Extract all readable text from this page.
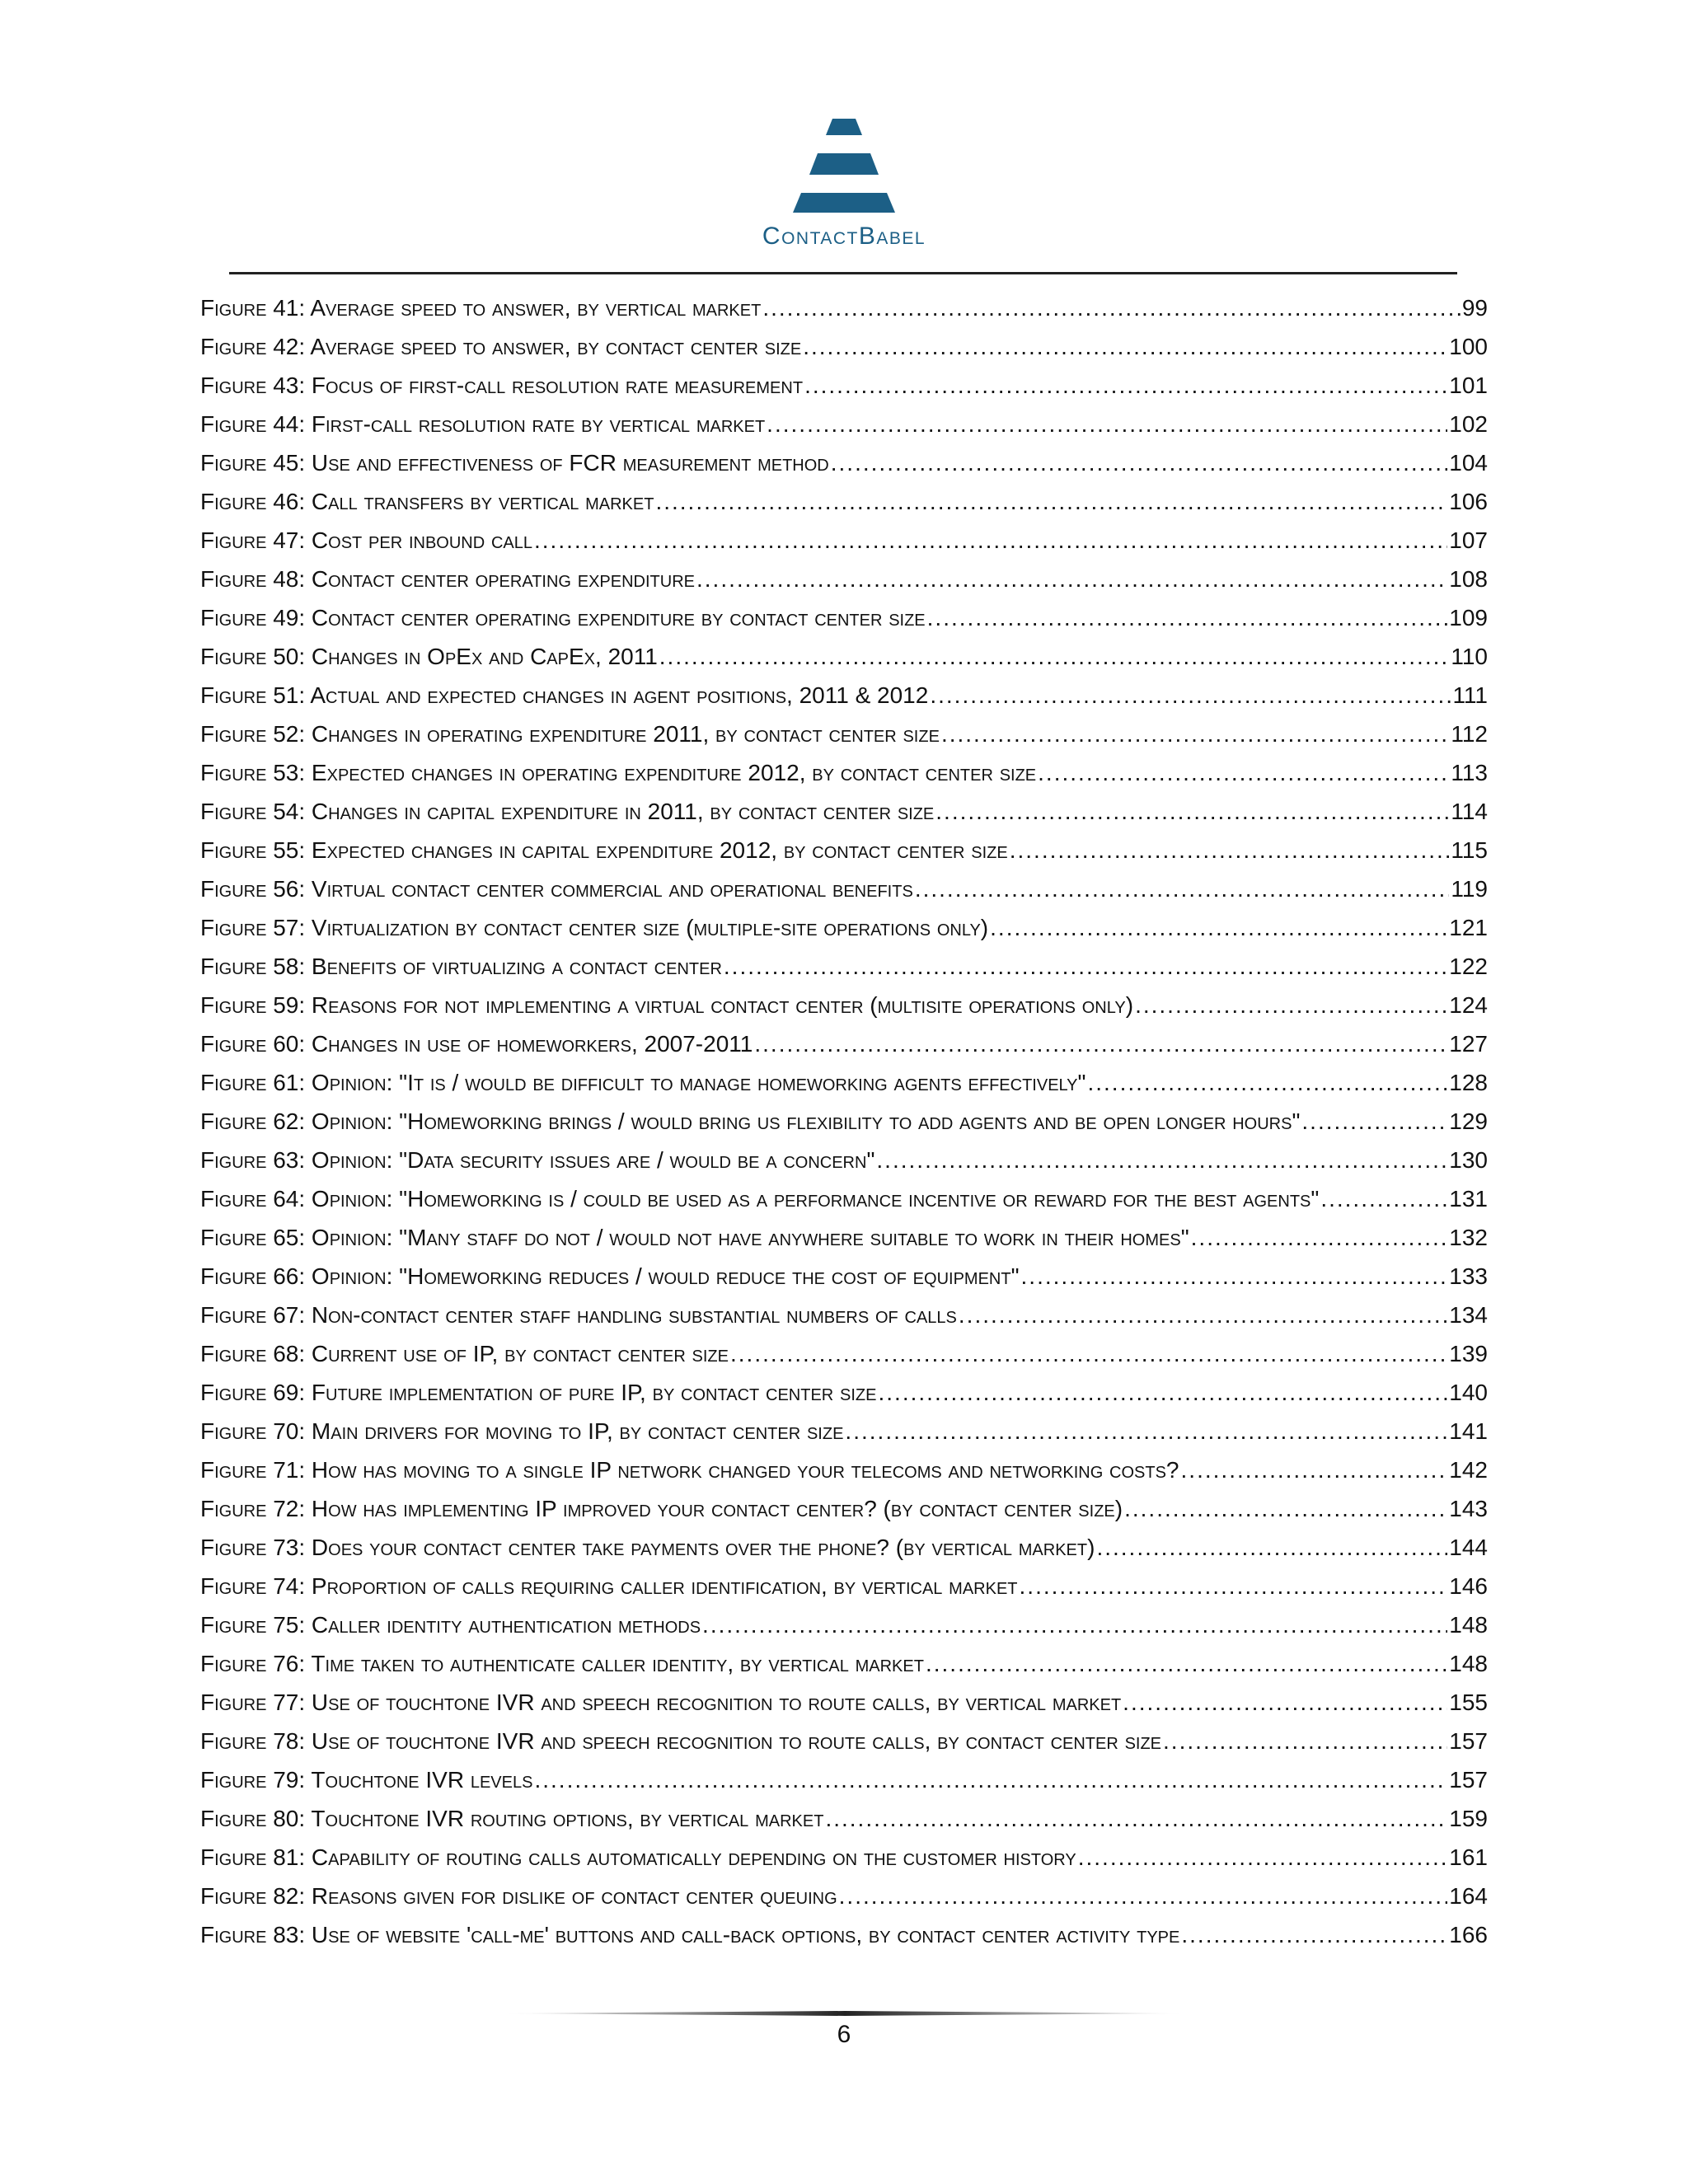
ContactBabel
Figure 41: Average speed to answer, by vertical market .....	99
Figure 42: Average speed to answer, by contact center size .....	100
Figure 43: Focus of first-call resolution rate measurement .....	101
Figure 44: First-call resolution rate by vertical market .....	102
Figure 45: Use and effectiveness of FCR measurement method .....	104
Figure 46: Call transfers by vertical market .....	106
Figure 47: Cost per inbound call .....	107
Figure 48: Contact center operating expenditure .....	108
Figure 49: Contact center operating expenditure by contact center size .....	109
Figure 50: Changes in OpEx and CapEx, 2011 .....	110
Figure 51: Actual and expected changes in agent positions, 2011 & 2012 .....	111
Figure 52: Changes in operating expenditure 2011, by contact center size .....	112
Figure 53: Expected changes in operating expenditure 2012, by contact center size .....	113
Figure 54: Changes in capital expenditure in 2011, by contact center size .....	114
Figure 55: Expected changes in capital expenditure 2012, by contact center size .....	115
Figure 56: Virtual contact center commercial and operational benefits .....	119
Figure 57: Virtualization by contact center size (multiple-site operations only) .....	121
Figure 58: Benefits of virtualizing a contact center .....	122
Figure 59: Reasons for not implementing a virtual contact center (multisite operations only) .....	124
Figure 60: Changes in use of homeworkers, 2007-2011 .....	127
Figure 61: Opinion: "It is / would be difficult to manage homeworking agents effectively" .....	128
Figure 62: Opinion: "Homeworking brings / would bring us flexibility to add agents and be open longer hours" .....	129
Figure 63: Opinion: "Data security issues are / would be a concern" .....	130
Figure 64: Opinion: "Homeworking is / could be used as a performance incentive or reward for the best agents" .....	131
Figure 65: Opinion: "Many staff do not / would not have anywhere suitable to work in their homes" .....	132
Figure 66: Opinion: "Homeworking reduces / would reduce the cost of equipment" .....	133
Figure 67: Non-contact center staff handling substantial numbers of calls .....	134
Figure 68: Current use of IP, by contact center size .....	139
Figure 69: Future implementation of pure IP, by contact center size .....	140
Figure 70: Main drivers for moving to IP, by contact center size .....	141
Figure 71: How has moving to a single IP network changed your telecoms and networking costs? .....	142
Figure 72: How has implementing IP improved your contact center? (by contact center size) .....	143
Figure 73: Does your contact center take payments over the phone? (by vertical market) .....	144
Figure 74: Proportion of calls requiring caller identification, by vertical market .....	146
Figure 75: Caller identity authentication methods .....	148
Figure 76: Time taken to authenticate caller identity, by vertical market .....	148
Figure 77: Use of touchtone IVR and speech recognition to route calls, by vertical market .....	155
Figure 78: Use of touchtone IVR and speech recognition to route calls, by contact center size .....	157
Figure 79: Touchtone IVR levels .....	157
Figure 80: Touchtone IVR routing options, by vertical market .....	159
Figure 81: Capability of routing calls automatically depending on the customer history .....	161
Figure 82: Reasons given for dislike of contact center queuing .....	164
Figure 83: Use of website 'call-me' buttons and call-back options, by contact center activity type .....	166
6
